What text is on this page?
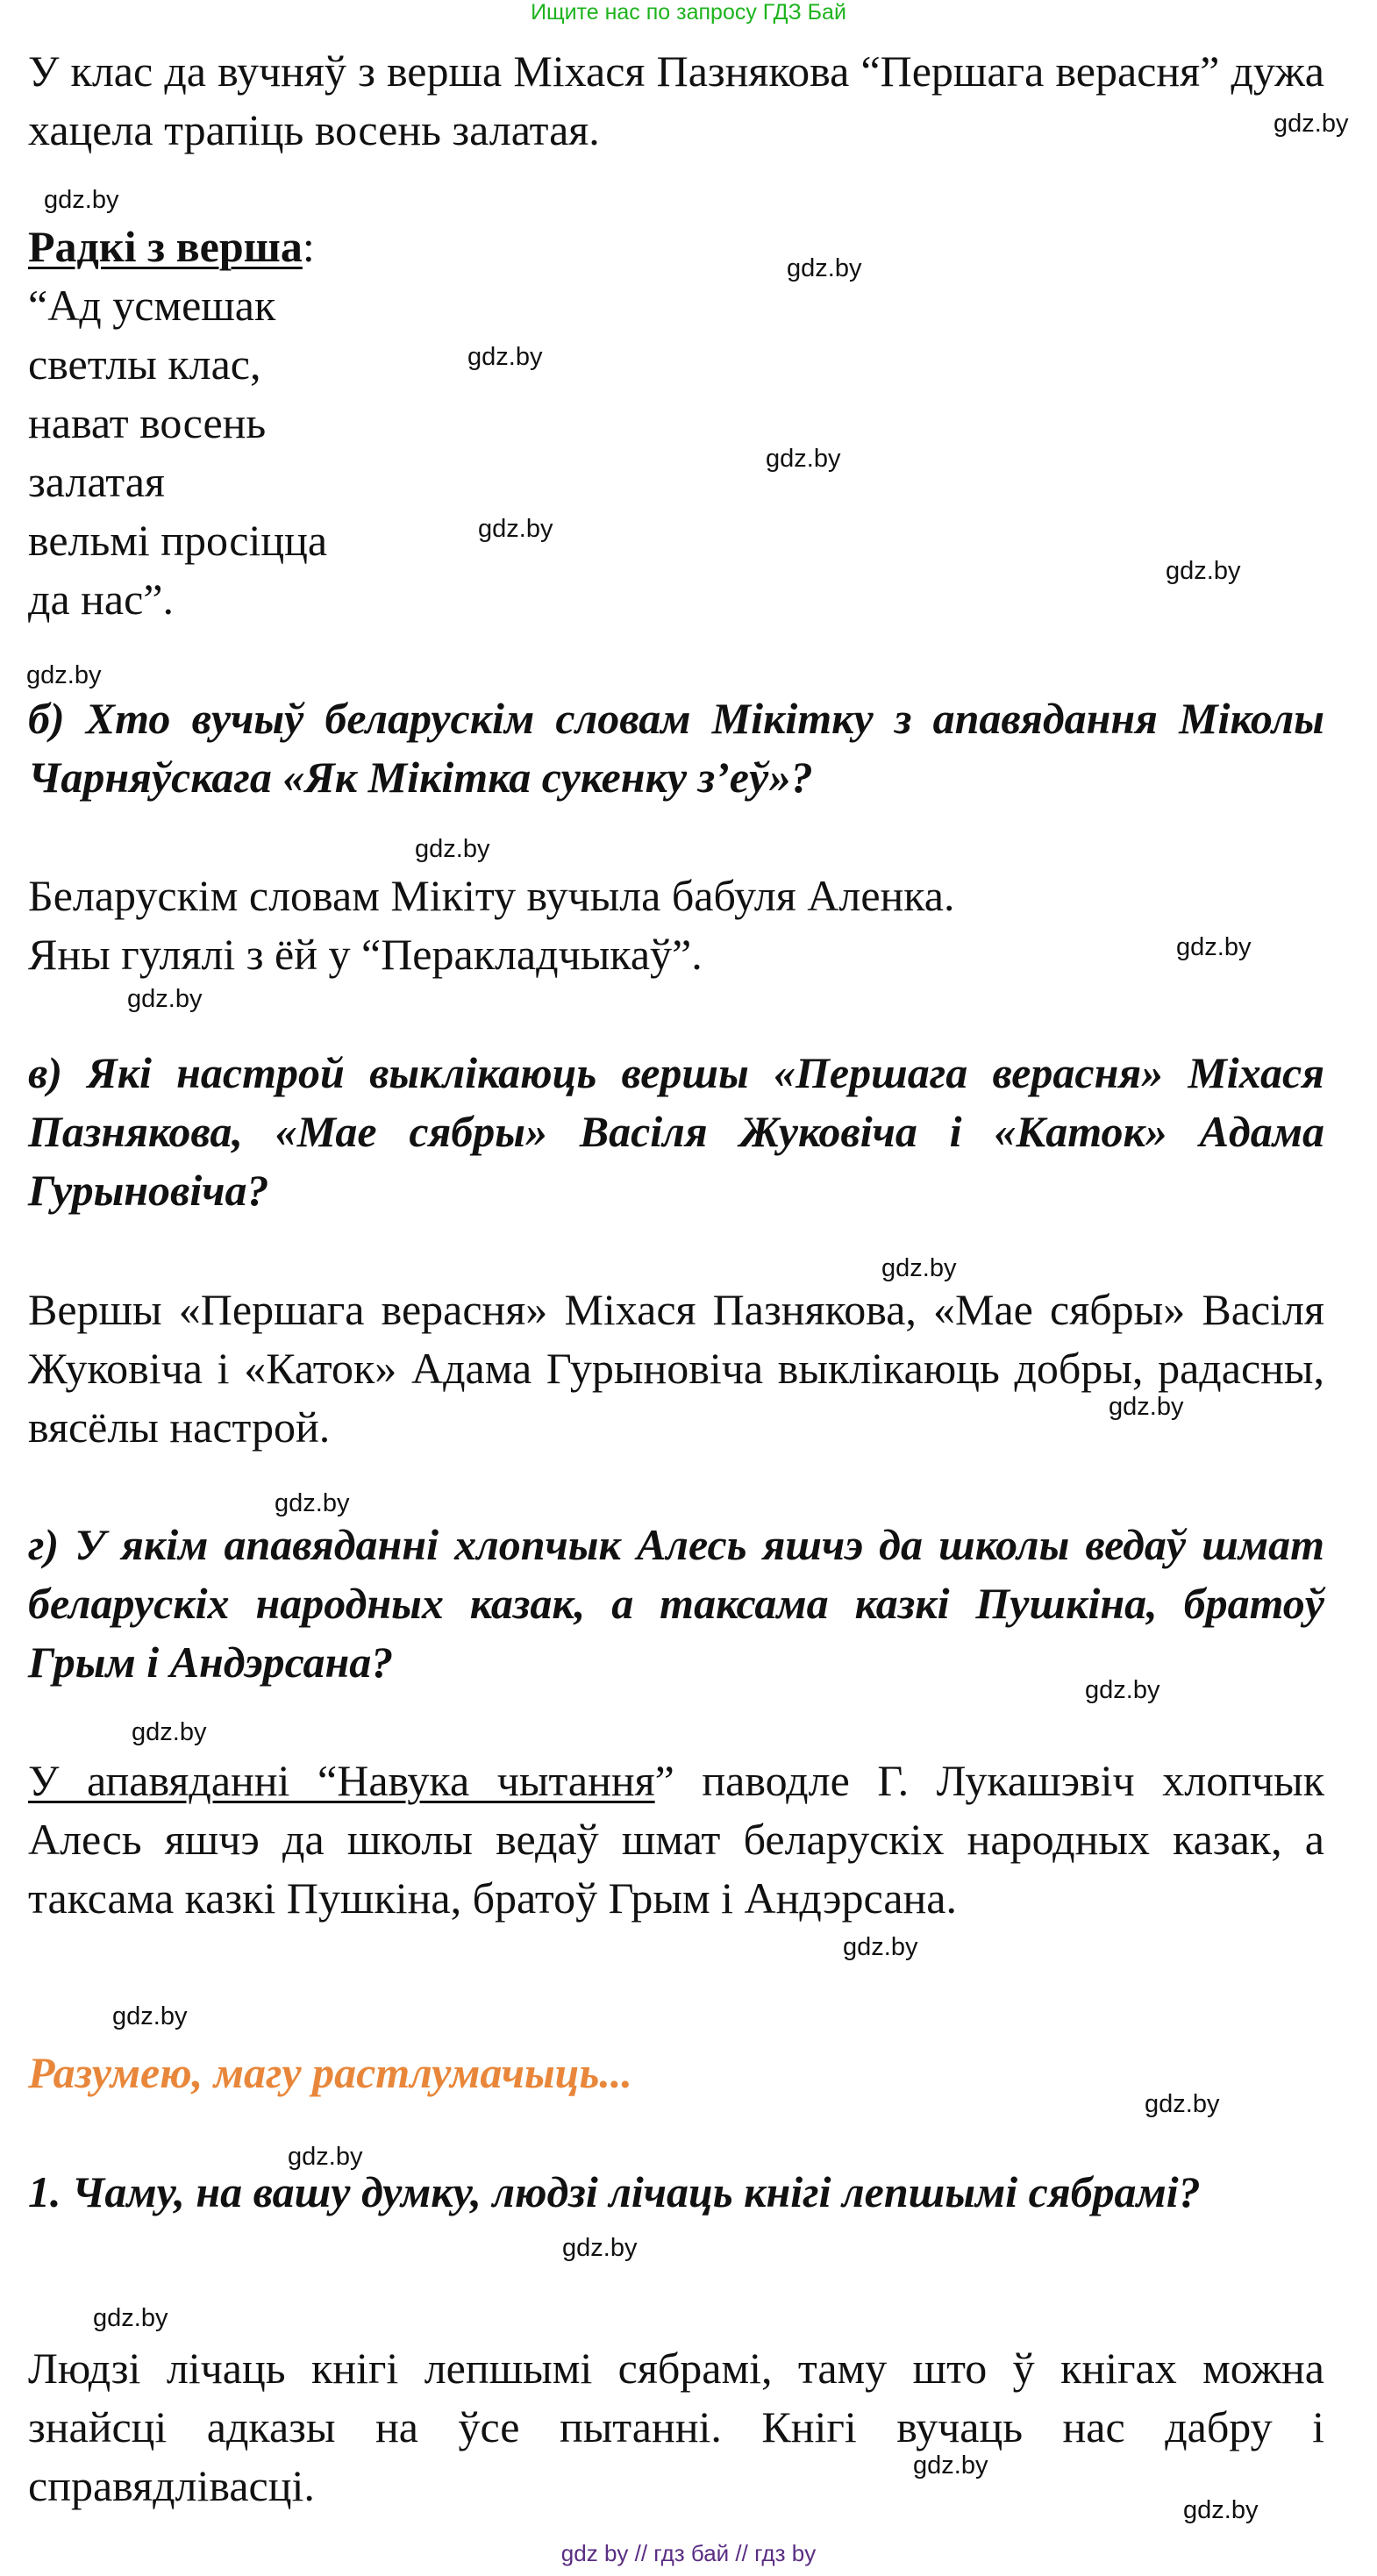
Ищите нас по запросу ГДЗ Бай

У клас да вучняў з верша Міхася Пазнякова “Першага верасня” дужа хацела трапіць восень залатая.

Радкі з верша:
“Ад усмешак
светлы клас,
нават восень
залатая
вельмі просіцца
да нас”.

б) Хто вучыў беларускім словам Мікітку з апавядання Міколы Чарняўскага «Як Мікітка сукенку з’еў»?

Беларускім словам Мікіту вучыла бабуля Аленка.
Яны гулялі з ёй у “Перакладчыкаў”.

в) Які настрой выклікаюць вершы «Першага верасня» Міхася Пазнякова, «Мае сябры» Васіля Жуковіча і «Каток» Адама Гурыновіча?

Вершы «Першага верасня» Міхася Пазнякова, «Мае сябры» Васіля Жуковіча і «Каток» Адама Гурыновіча выклікаюць добры, радасны, вясёлы настрой.

г) У якім апавяданні хлопчык Алесь яшчэ да школы ведаў шмат беларускіх народных казак, а таксама казкі Пушкіна, братоў Грым і Андэрсана?

У апавяданні “Навука чытання” паводле Г. Лукашэвіч хлопчык Алесь яшчэ да школы ведаў шмат беларускіх народных казак, а таксама казкі Пушкіна, братоў Грым і Андэрсана.

Разумею, магу растлумачыць...

1. Чаму, на вашу думку, людзі лічаць кнігі лепшымі сябрамі?

Людзі лічаць кнігі лепшымі сябрамі, таму што ў кнігах можна знайсці адказы на ўсе пытанні. Кнігі вучаць нас дабру і справядлівасці.

gdz.by
gdz.by
gdz.by
gdz.by
gdz.by
gdz.by
gdz.by
gdz.by
gdz.by
gdz.by
gdz.by
gdz.by
gdz.by
gdz.by
gdz.by
gdz.by
gdz.by
gdz.by
gdz.by
gdz.by
gdz.by
gdz.by
gdz.by
gdz.by
gdz by // гдз бай // гдз by
